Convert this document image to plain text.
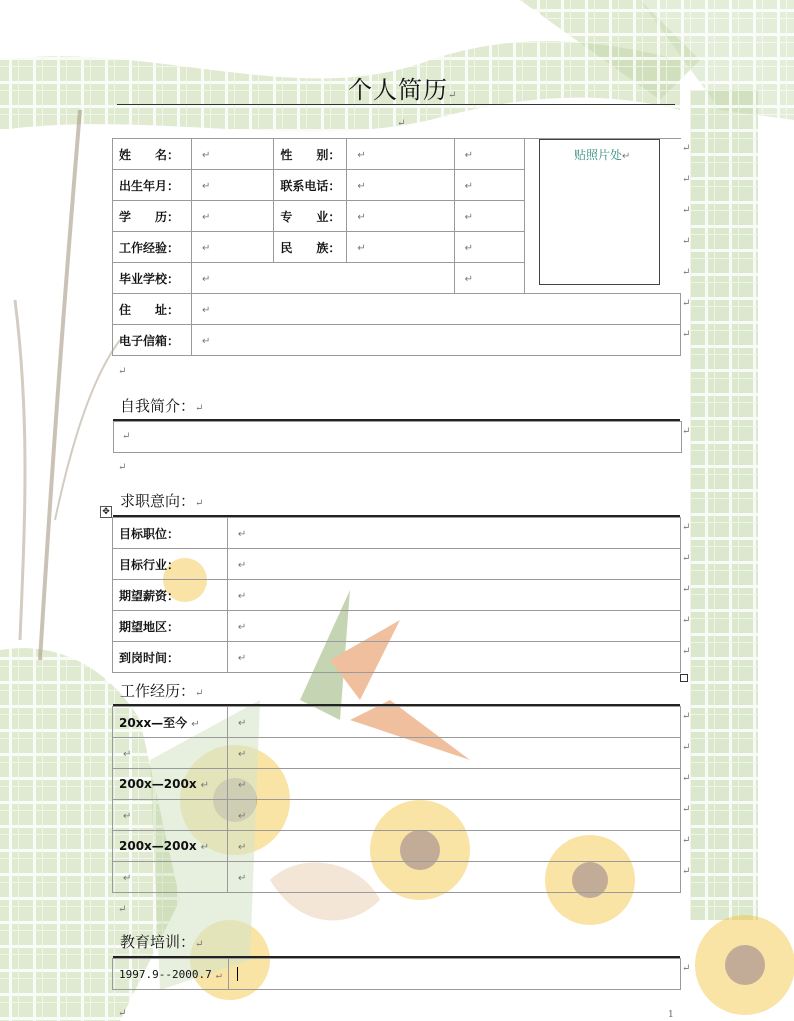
个人简历↵
↵
姓　　名：	↵	性　　别：	↵	↵	
出生年月：	↵	联系电话：	↵	↵	
学　　历：	↵	专　　业：	↵	↵	
工作经验：	↵	民　　族：	↵	↵	
毕业学校：	↵			↵	
住　　址：	↵				
电子信箱：	↵				
贴照片处↵
↵
↵
↵
↵
↵
↵
↵
↵
自我简介：↵
↵	↵
↵
求职意向：↵
✥
目标职位：	↵
目标行业：	↵
期望薪资：	↵
期望地区：	↵
到岗时间：	↵
↵
↵
↵
↵
↵
工作经历：↵
20xx—至今 ↵	↵
↵	↵
200x—200x ↵	↵
↵	↵
200x—200x ↵	↵
↵	↵
↵
↵
↵
↵
↵
↵
↵
教育培训：↵
1997.9--2000.7 ↵	
↵
↵	1
